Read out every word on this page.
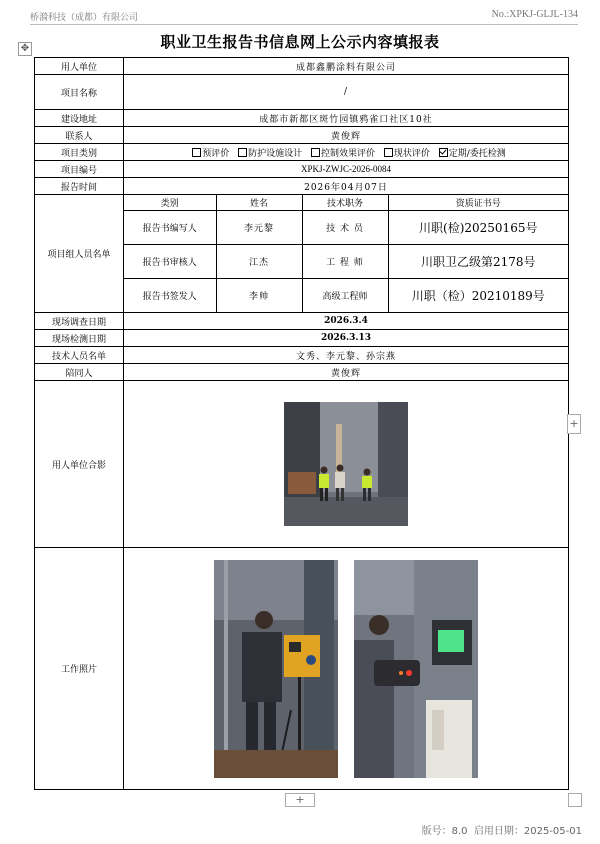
桥漪科技（成都）有限公司	No.:XPKJ-GLJL-134
✥	职业卫生报告书信息网上公示内容填报表
用人单位	成都鑫鹏涂料有限公司
项目名称	/
建设地址	成都市新都区斑竹园镇鸦雀口社区10社
联系人	黄俊辉
项目类别	预评价 防护设施设计 控制效果评价 现状评价 定期/委托检测
项目编号	XPKJ-ZWJC-2026-0084
报告时间	2026年04月07日
项目组人员名单	
类别	姓名	技术职务	资质证书号
报告书编写人	李元黎	技 术 员	川职(检)20250165号
报告书审核人	江杰	工 程 师	川职卫乙级第2178号
报告书签发人	李帅	高级工程师	川职（检）20210189号

现场调查日期	2026.3.4
现场检测日期	2026.3.13
技术人员名单	文秀、李元黎、孙宗燕
陪同人	黄俊辉
用人单位合影	

工作照片	
+
+
版号：8.0 启用日期：2025-05-01
